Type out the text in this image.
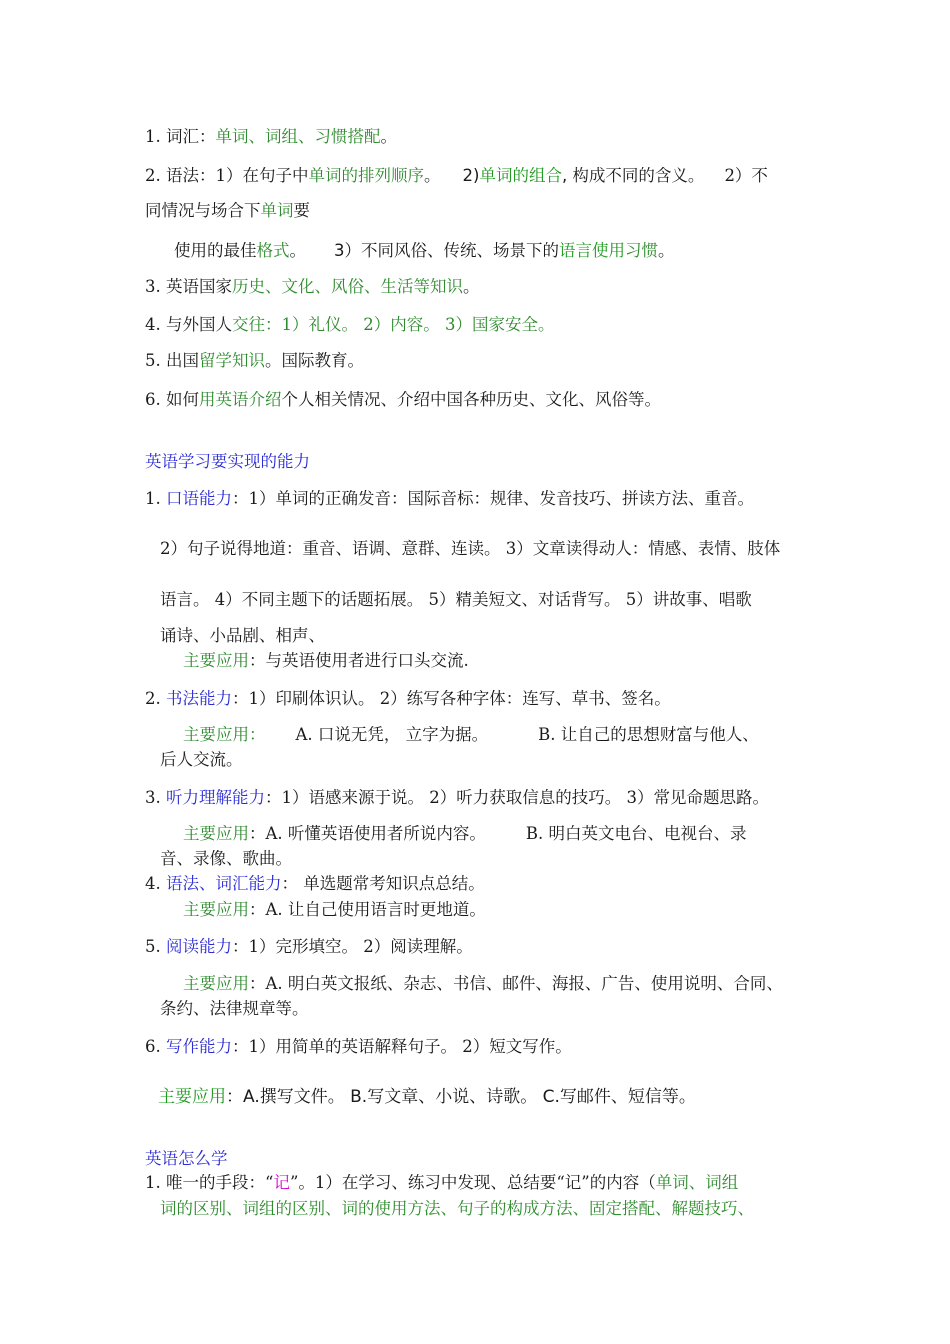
1. 词汇：单词、词组、习惯搭配。
2. 语法：1）在句子中单词的排列顺序。 2)单词的组合, 构成不同的含义。 2）不
同情况与场合下单词要
使用的最佳格式。 3）不同风俗、传统、场景下的语言使用习惯。
3. 英语国家历史、文化、风俗、生活等知识。
4. 与外国人交往：1）礼仪。 2）内容。 3）国家安全。
5. 出国留学知识。国际教育。
6. 如何用英语介绍个人相关情况、介绍中国各种历史、文化、风俗等。
英语学习要实现的能力
1. 口语能力：1）单词的正确发音：国际音标：规律、发音技巧、拼读方法、重音。
2）句子说得地道：重音、语调、意群、连读。 3）文章读得动人：情感、表情、肢体
语言。 4）不同主题下的话题拓展。 5）精美短文、对话背写。 5）讲故事、唱歌
诵诗、小品剧、相声、
主要应用：与英语使用者进行口头交流.
2. 书法能力：1）印刷体识认。 2）练写各种字体：连写、草书、签名。
主要应用： A. 口说无凭， 立字为据。	B. 让自己的思想财富与他人、
后人交流。
3. 听力理解能力：1）语感来源于说。 2）听力获取信息的技巧。 3）常见命题思路。
主要应用：A. 听懂英语使用者所说内容。 B. 明白英文电台、电视台、录
音、录像、歌曲。
4. 语法、词汇能力： 单选题常考知识点总结。
主要应用：A. 让自己使用语言时更地道。
5. 阅读能力：1）完形填空。 2）阅读理解。
主要应用：A. 明白英文报纸、杂志、书信、邮件、海报、广告、使用说明、合同、
条约、法律规章等。
6. 写作能力：1）用简单的英语解释句子。 2）短文写作。
主要应用：A.撰写文件。 B.写文章、小说、诗歌。 C.写邮件、短信等。
英语怎么学
1. 唯一的手段：“记”。1）在学习、练习中发现、总结要“记”的内容（单词、词组
词的区别、词组的区别、词的使用方法、句子的构成方法、固定搭配、解题技巧、
